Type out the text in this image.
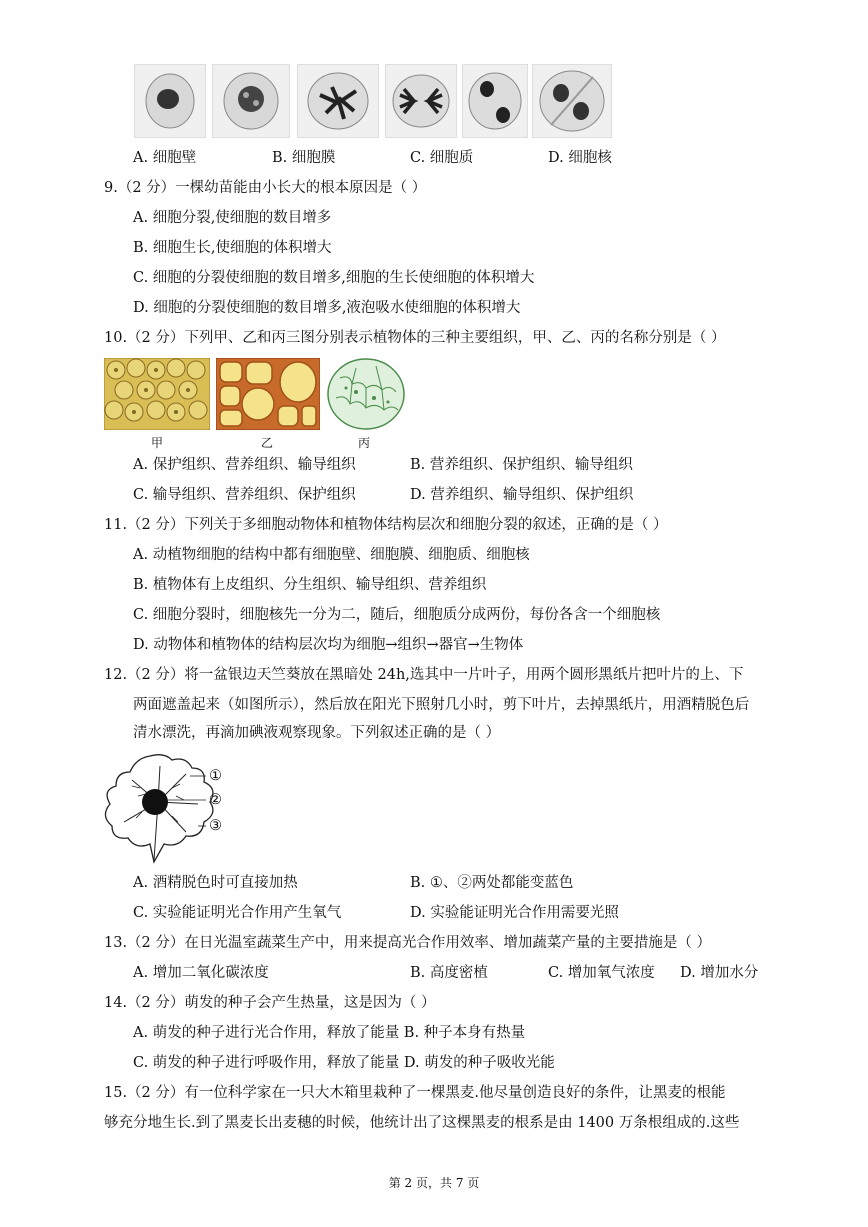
A. 细胞壁	B. 细胞膜	C. 细胞质	D. 细胞核
9.（2 分）一棵幼苗能由小长大的根本原因是（ ）
A. 细胞分裂,使细胞的数目增多
B. 细胞生长,使细胞的体积增大
C. 细胞的分裂使细胞的数目增多,细胞的生长使细胞的体积增大
D. 细胞的分裂使细胞的数目增多,液泡吸水使细胞的体积增大
10.（2 分）下列甲、乙和丙三图分别表示植物体的三种主要组织，甲、乙、丙的名称分别是（ ）
甲	乙	丙
A. 保护组织、营养组织、输导组织	B. 营养组织、保护组织、输导组织
C. 输导组织、营养组织、保护组织	D. 营养组织、输导组织、保护组织
11.（2 分）下列关于多细胞动物体和植物体结构层次和细胞分裂的叙述，正确的是（ ）
A. 动植物细胞的结构中都有细胞壁、细胞膜、细胞质、细胞核
B. 植物体有上皮组织、分生组织、输导组织、营养组织
C. 细胞分裂时，细胞核先一分为二，随后，细胞质分成两份，每份各含一个细胞核
D. 动物体和植物体的结构层次均为细胞→组织→器官→生物体
12.（2 分）将一盆银边天竺葵放在黑暗处 24h,选其中一片叶子，用两个圆形黑纸片把叶片的上、下
两面遮盖起来（如图所示），然后放在阳光下照射几小时，剪下叶片，去掉黑纸片，用酒精脱色后
清水漂洗，再滴加碘液观察现象。下列叙述正确的是（ ）
①
②
③
A. 酒精脱色时可直接加热	B. ①、②两处都能变蓝色
C. 实验能证明光合作用产生氧气	D. 实验能证明光合作用需要光照
13.（2 分）在日光温室蔬菜生产中，用来提高光合作用效率、增加蔬菜产量的主要措施是（ ）
A. 增加二氧化碳浓度	B. 高度密植	C. 增加氧气浓度 D. 增加水分
14.（2 分）萌发的种子会产生热量，这是因为（ ）
A. 萌发的种子进行光合作用，释放了能量 B. 种子本身有热量
C. 萌发的种子进行呼吸作用，释放了能量 D. 萌发的种子吸收光能
15.（2 分）有一位科学家在一只大木箱里栽种了一棵黑麦.他尽量创造良好的条件，让黑麦的根能
够充分地生长.到了黑麦长出麦穗的时候，他统计出了这棵黑麦的根系是由 1400 万条根组成的.这些
第 2 页，共 7 页
